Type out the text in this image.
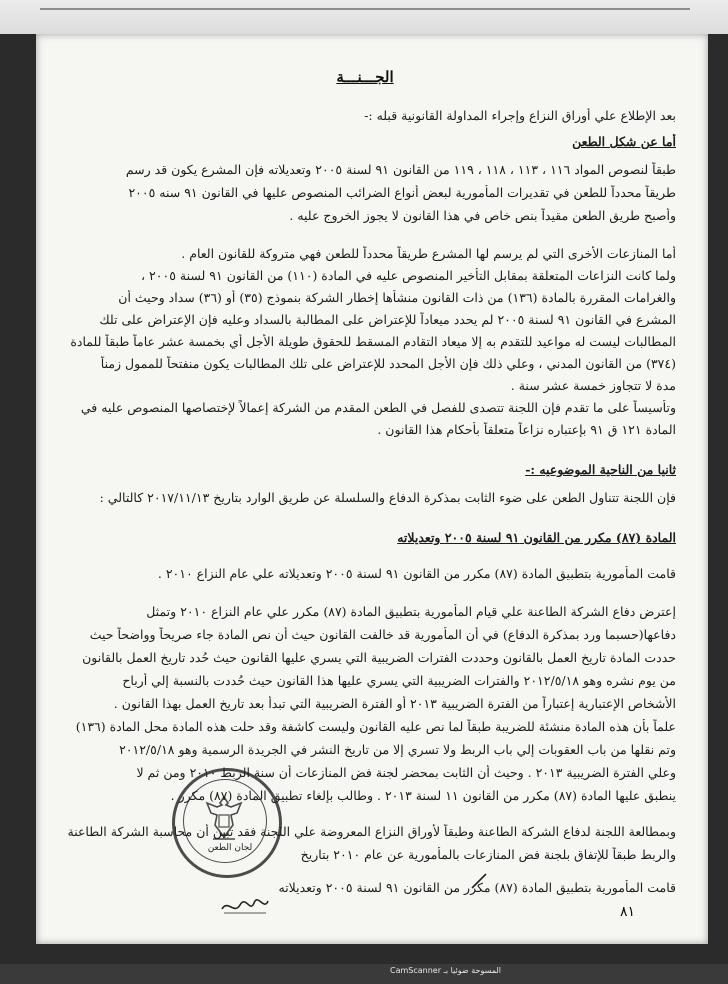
الجـــنـــة
بعد الإطلاع علي أوراق النزاع وإجراء المداولة القانونية قبله :-
أما عن شكل الطعن
طبقاً لنصوص المواد ١١٦ ، ١١٣ ، ١١٨ ، ١١٩ من القانون ٩١ لسنة ٢٠٠٥ وتعديلاته فإن المشرع يكون قد رسم
طريقاً محدداً للطعن في تقديرات المأمورية لبعض أنواع الضرائب المنصوص عليها في القانون ٩١ سنه ٢٠٠٥
وأصبح طريق الطعن مقيداً بنص خاص في هذا القانون لا يجوز الخروج عليه .
أما المنازعات الأخرى التي لم يرسم لها المشرع طريقاً محدداً للطعن فهي متروكة للقانون العام .
ولما كانت النزاعات المتعلقة بمقابل التأخير المنصوص عليه في المادة (١١٠) من القانون ٩١ لسنة ٢٠٠٥ ،
والغرامات المقررة بالمادة (١٣٦) من ذات القانون منشأها إخطار الشركة بنموذج (٣٥) أو (٣٦) سداد وحيث أن
المشرع في القانون ٩١ لسنة ٢٠٠٥ لم يحدد ميعاداً للإعتراض على المطالبة بالسداد وعليه فإن الإعتراض على تلك
المطالبات ليست له مواعيد للتقدم به إلا ميعاد التقادم المسقط للحقوق طويلة الأجل أي بخمسة عشر عاماً طبقاً للمادة
(٣٧٤) من القانون المدني ، وعلي ذلك فإن الأجل المحدد للإعتراض على تلك المطالبات يكون منفتحاً للممول زمناً
مدة لا تتجاوز خمسة عشر سنة .
وتأسيساً على ما تقدم فإن اللجنة تتصدى للفصل في الطعن المقدم من الشركة إعمالاً لإختصاصها المنصوص عليه في
المادة ١٢١ ق ٩١ بإعتباره نزاعاً متعلقاً بأحكام هذا القانون .
ثانيا من الناحية الموضوعيه :-
فإن اللجنة تتناول الطعن على ضوء الثابت بمذكرة الدفاع والسلسلة عن طريق الوارد بتاريخ ٢٠١٧/١١/١٣ كالتالي :
المادة (٨٧) مكرر من القانون ٩١ لسنة ٢٠٠٥ وتعديلاته
قامت المأمورية بتطبيق المادة (٨٧) مكرر من القانون ٩١ لسنة ٢٠٠٥ وتعديلاته علي عام النزاع ٢٠١٠ .
إعترض دفاع الشركة الطاعنة علي قيام المأمورية بتطبيق المادة (٨٧) مكرر علي عام النزاع ٢٠١٠ وتمثل
دفاعها(حسبما ورد بمذكرة الدفاع) في أن المأمورية قد خالفت القانون حيث أن نص المادة جاء صريحاً وواضحاً حيث
حددت المادة تاريخ العمل بالقانون وحددت الفترات الضريبية التي يسري عليها القانون حيث حُدد تاريخ العمل بالقانون
من يوم نشره وهو ٢٠١٢/٥/١٨ والفترات الضريبية التي يسري عليها هذا القانون حيث حُددت بالنسبة إلي أرباح
الأشخاص الإعتبارية إعتباراً من الفترة الضريبية ٢٠١٣ أو الفترة الضريبية التي تبدأ بعد تاريخ العمل بهذا القانون .
علماً بأن هذه المادة منشئة للضريبة طبقاً لما نص عليه القانون وليست كاشفة وقد حلت هذه المادة محل المادة (١٣٦)
وتم نقلها من باب العقوبات إلي باب الربط ولا تسري إلا من تاريخ النشر في الجريدة الرسمية وهو ٢٠١٢/٥/١٨
وعلي الفترة الضريبية ٢٠١٣ . وحيث أن الثابت بمحضر لجنة فض المنازعات أن سنة الربط ٢٠١٠ ومن ثم لا
ينطبق عليها المادة (٨٧) مكرر من القانون ١١ لسنة ٢٠١٣ . وطالب بإلغاء تطبيق المادة (٨٧) مكرر .
وبمطالعة اللجنة لدفاع الشركة الطاعنة وطبقاً لأوراق النزاع المعروضة علي اللجنة فقد تبين أن محاسبة الشركة الطاعنة
والربط طبقاً للإتفاق بلجنة فض المنازعات بالمأمورية عن عام ٢٠١٠ بتاريخ
قامت المأمورية بتطبيق المادة (٨٧) مكرر من القانون ٩١ لسنة ٢٠٠٥ وتعديلاته
لجان الطعن
٨١
CamScanner المسوحة ضوئيا بـ
